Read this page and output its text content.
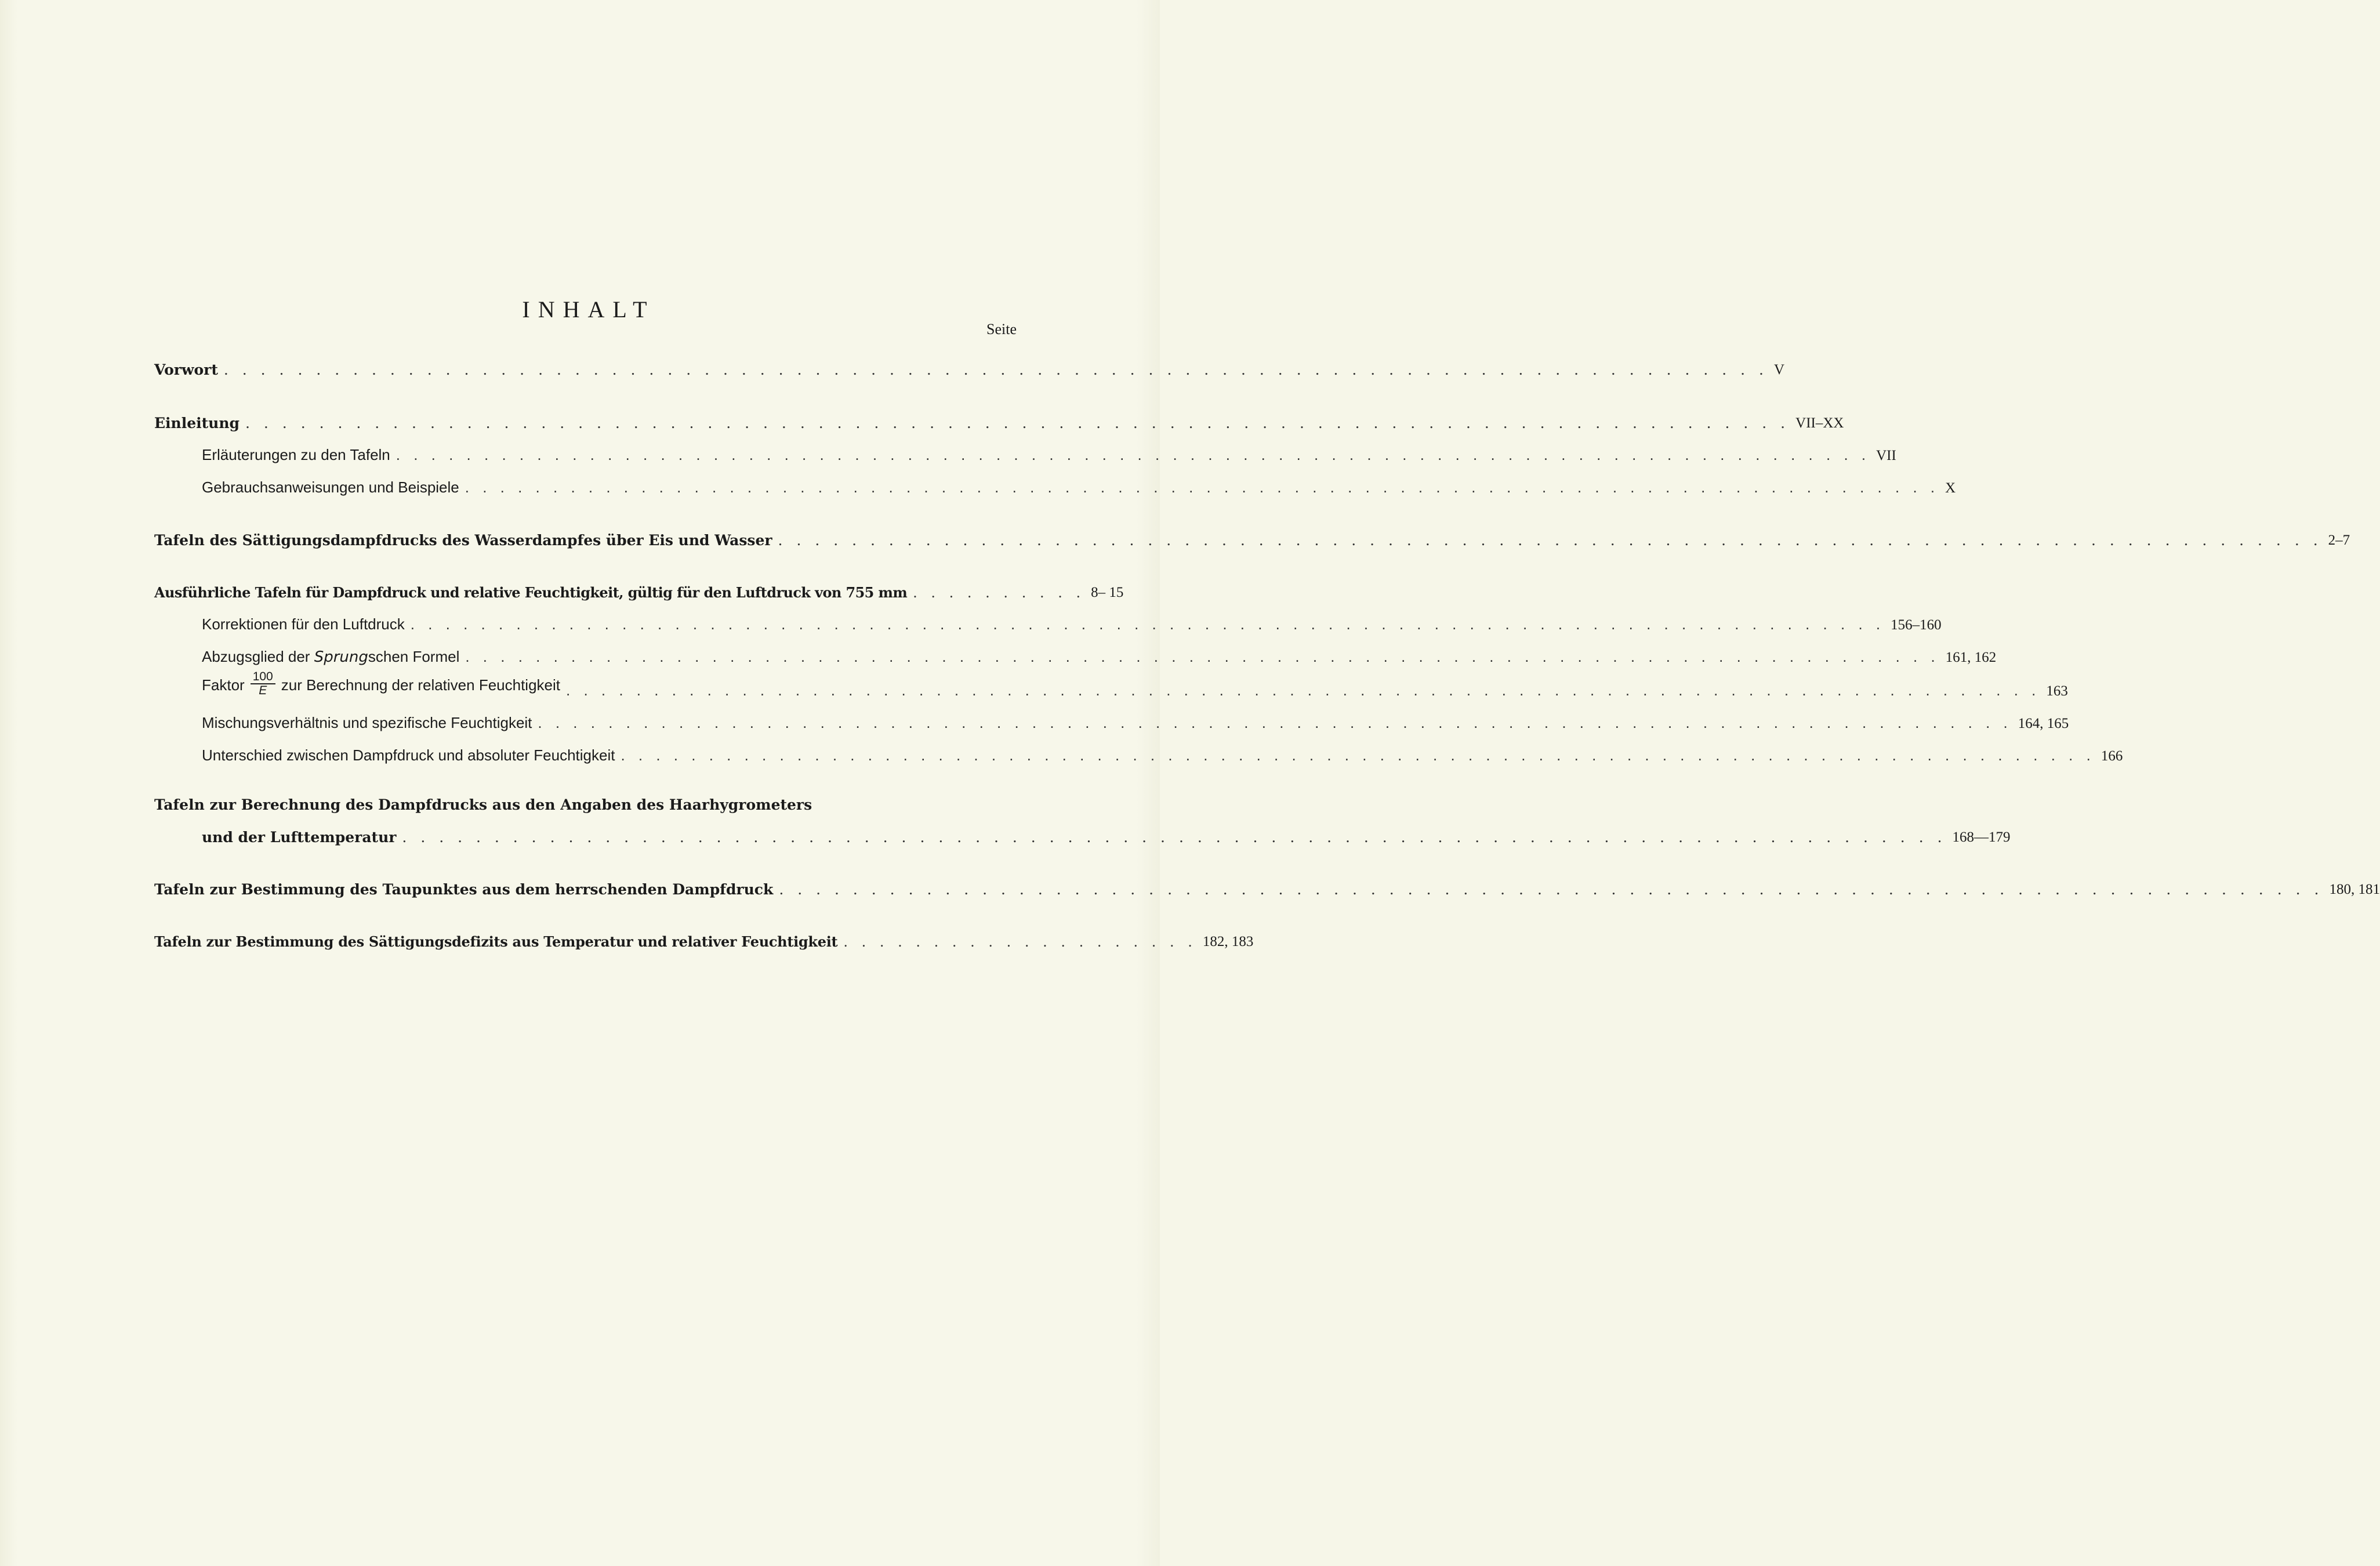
INHALT
Seite
Vorwort . . . . . . . . . . . . . . . . . . . . . . . . . . . . . . . . . . . . . . . . . . . . . . . . . . . . . . . . . . . . . . . . . . . . . . . . . . . . . . . . . . . . V
Einleitung . . . . . . . . . . . . . . . . . . . . . . . . . . . . . . . . . . . . . . . . . . . . . . . . . . . . . . . . . . . . . . . . . . . . . . . . . . . . . . . . . . . . VII–XX
Erläuterungen zu den Tafeln . . . . . . . . . . . . . . . . . . . . . . . . . . . . . . . . . . . . . . . . . . . . . . . . . . . . . . . . . . . . . . . . . . . . . . . . . . . . . . . . . . . . VII
Gebrauchsanweisungen und Beispiele . . . . . . . . . . . . . . . . . . . . . . . . . . . . . . . . . . . . . . . . . . . . . . . . . . . . . . . . . . . . . . . . . . . . . . . . . . . . . . . . . . . . X
Tafeln des Sättigungsdampfdrucks des Wasserdampfes über Eis und Wasser . . . . . . . . . . . . . . . . . . . . . . . . . . . . . . . . . . . . . . . . . . . . . . . . . . . . . . . . . . . . . . . . . . . . . . . . . . . . . . . . . . . . 2–7
Ausführliche Tafeln für Dampfdruck und relative Feuchtigkeit, gültig für den Luftdruck von 755 mm . . . . . . . . . . 8– 15
Korrektionen für den Luftdruck . . . . . . . . . . . . . . . . . . . . . . . . . . . . . . . . . . . . . . . . . . . . . . . . . . . . . . . . . . . . . . . . . . . . . . . . . . . . . . . . . . . . 156–160
Abzugsglied der Sprungschen Formel . . . . . . . . . . . . . . . . . . . . . . . . . . . . . . . . . . . . . . . . . . . . . . . . . . . . . . . . . . . . . . . . . . . . . . . . . . . . . . . . . . . . 161, 162
Faktor $\frac{100}{E}$ zur Berechnung der relativen Feuchtigkeit . . . . . . . . . . . . . . . . . . . . . . . . . . . . . . . . . . . . . . . . . . . . . . . . . . . . . . . . . . . . . . . . . . . . . . . . . . . . . . . . . . . . 163
Mischungsverhältnis und spezifische Feuchtigkeit . . . . . . . . . . . . . . . . . . . . . . . . . . . . . . . . . . . . . . . . . . . . . . . . . . . . . . . . . . . . . . . . . . . . . . . . . . . . . . . . . . . . 164, 165
Unterschied zwischen Dampfdruck und absoluter Feuchtigkeit . . . . . . . . . . . . . . . . . . . . . . . . . . . . . . . . . . . . . . . . . . . . . . . . . . . . . . . . . . . . . . . . . . . . . . . . . . . . . . . . . . . . 166
Tafeln zur Berechnung des Dampfdrucks aus den Angaben des Haarhygrometers
und der Lufttemperatur . . . . . . . . . . . . . . . . . . . . . . . . . . . . . . . . . . . . . . . . . . . . . . . . . . . . . . . . . . . . . . . . . . . . . . . . . . . . . . . . . . . . 168—179
Tafeln zur Bestimmung des Taupunktes aus dem herrschenden Dampfdruck . . . . . . . . . . . . . . . . . . . . . . . . . . . . . . . . . . . . . . . . . . . . . . . . . . . . . . . . . . . . . . . . . . . . . . . . . . . . . . . . . . . . 180, 181
Tafeln zur Bestimmung des Sättigungsdefizits aus Temperatur und relativer Feuchtigkeit . . . . . . . . . . . . . . . . . . . . 182, 183
